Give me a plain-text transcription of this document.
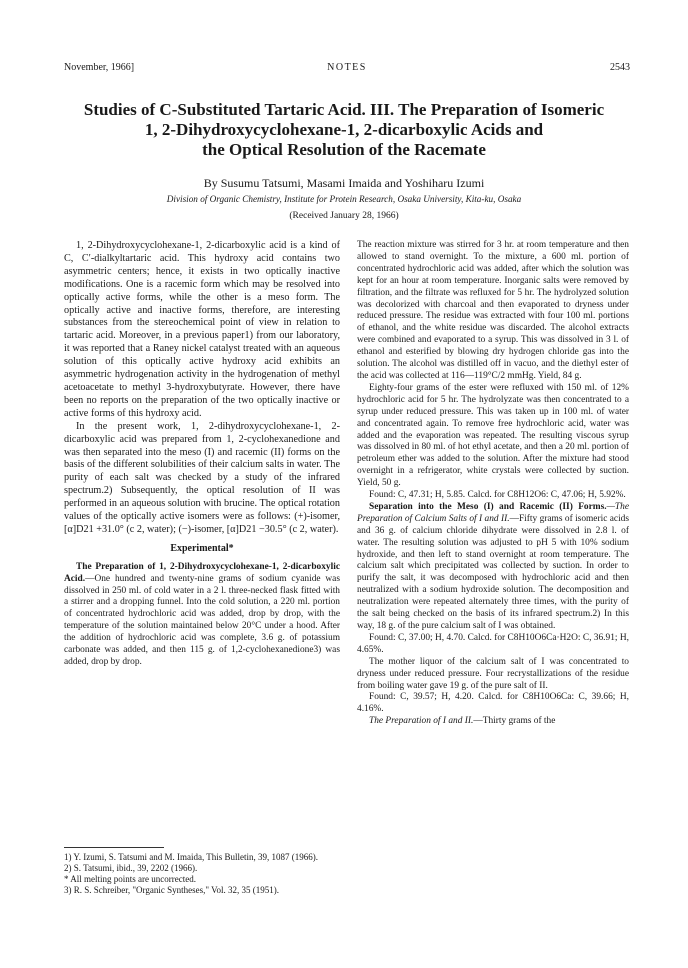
November, 1966]	NOTES	2543
Studies of C-Substituted Tartaric Acid. III. The Preparation of Isomeric
1, 2-Dihydroxycyclohexane-1, 2-dicarboxylic Acids and
the Optical Resolution of the Racemate
By Susumu Tatsumi, Masami Imaida and Yoshiharu Izumi
Division of Organic Chemistry, Institute for Protein Research, Osaka University, Kita-ku, Osaka
(Received January 28, 1966)

1, 2-Dihydroxycyclohexane-1, 2-dicarboxylic acid is a kind of C, C′-dialkyltartaric acid. This hydroxy acid contains two asymmetric centers; hence, it exists in two optically inactive modifications. One is a racemic form which may be resolved into optically active forms, while the other is a meso form. The optically active and inactive forms, therefore, are interesting substances from the stereochemical point of view in relation to tartaric acid. Moreover, in a previous paper1) from our laboratory, it was reported that a Raney nickel catalyst treated with an aqueous solution of this optically active hydroxy acid exhibits an asymmetric hydrogenation activity in the hydrogenation of methyl acetoacetate to methyl 3-hydroxybutyrate. However, there have been no reports on the preparation of the two optically inactive or active forms of this hydroxy acid.

In the present work, 1, 2-dihydroxycyclohexane-1, 2-dicarboxylic acid was prepared from 1, 2-cyclohexanedione and was then separated into the meso (I) and racemic (II) forms on the basis of the different solubilities of their calcium salts in water. The purity of each salt was checked by a study of the infrared spectrum.2) Subsequently, the optical resolution of II was performed in an aqueous solution with brucine. The optical rotation values of the optically active isomers were as follows: (+)-isomer, [α]D21 +31.0° (c 2, water); (−)-isomer, [α]D21 −30.5° (c 2, water).

Experimental*

The Preparation of 1, 2-Dihydroxycyclohexane-1, 2-dicarboxylic Acid.—One hundred and twenty-nine grams of sodium cyanide was dissolved in 250 ml. of cold water in a 2 l. three-necked flask fitted with a stirrer and a dropping funnel. Into the cold solution, a 220 ml. portion of concentrated hydrochloric acid was added, drop by drop, with the temperature of the solution maintained below 20°C under a hood. After the addition of hydrochloric acid was complete, 3.6 g. of potassium carbonate was added, and then 115 g. of 1,2-cyclohexanedione3) was added, drop by drop.

1) Y. Izumi, S. Tatsumi and M. Imaida, This Bulletin, 39, 1087 (1966).

2) S. Tatsumi, ibid., 39, 2202 (1966).

* All melting points are uncorrected.

3) R. S. Schreiber, "Organic Syntheses," Vol. 32, 35 (1951).

The reaction mixture was stirred for 3 hr. at room temperature and then allowed to stand overnight. To the mixture, a 600 ml. portion of concentrated hydrochloric acid was added, after which the solution was kept for an hour at room temperature. Inorganic salts were removed by filtration, and the filtrate was refluxed for 5 hr. The hydrolyzed solution was decolorized with charcoal and then evaporated to dryness under reduced pressure. The residue was extracted with four 100 ml. portions of ethanol, and the white residue was discarded. The alcohol extracts were combined and evaporated to a syrup. This was dissolved in 3 l. of ethanol and esterified by blowing dry hydrogen chloride gas into the solution. The alcohol was distilled off in vacuo, and the diethyl ester of the acid was collected at 116—119°C/2 mmHg. Yield, 84 g.

Eighty-four grams of the ester were refluxed with 150 ml. of 12% hydrochloric acid for 5 hr. The hydrolyzate was then concentrated to a syrup under reduced pressure. This was taken up in 100 ml. of water and concentrated again. To remove free hydrochloric acid, water was added and the evaporation was repeated. The resulting viscous syrup was dissolved in 80 ml. of hot ethyl acetate, and then a 20 ml. portion of petroleum ether was added to the solution. After the mixture had stood overnight in a refrigerator, white crystals were collected by suction. Yield, 50 g.

Found: C, 47.31; H, 5.85. Calcd. for C8H12O6: C, 47.06; H, 5.92%.

Separation into the Meso (I) and Racemic (II) Forms.—The Preparation of Calcium Salts of I and II.—Fifty grams of isomeric acids and 36 g. of calcium chloride dihydrate were dissolved in 2.8 l. of water. The resulting solution was adjusted to pH 5 with 10% sodium hydroxide, and then left to stand overnight at room temperature. The calcium salt which precipitated was collected by suction. In order to purify the salt, it was decomposed with hydrochloric acid and then neutralized with a sodium hydroxide solution. The decomposition and neutralization were repeated alternately three times, with the purity of the salt being checked on the basis of its infrared spectrum.2) In this way, 18 g. of the pure calcium salt of I was obtained.

Found: C, 37.00; H, 4.70. Calcd. for C8H10O6Ca·H2O: C, 36.91; H, 4.65%.

The mother liquor of the calcium salt of I was concentrated to dryness under reduced pressure. Four recrystallizations of the residue from boiling water gave 19 g. of the pure salt of II.

Found: C, 39.57; H, 4.20. Calcd. for C8H10O6Ca: C, 39.66; H, 4.16%.

The Preparation of I and II.—Thirty grams of the
